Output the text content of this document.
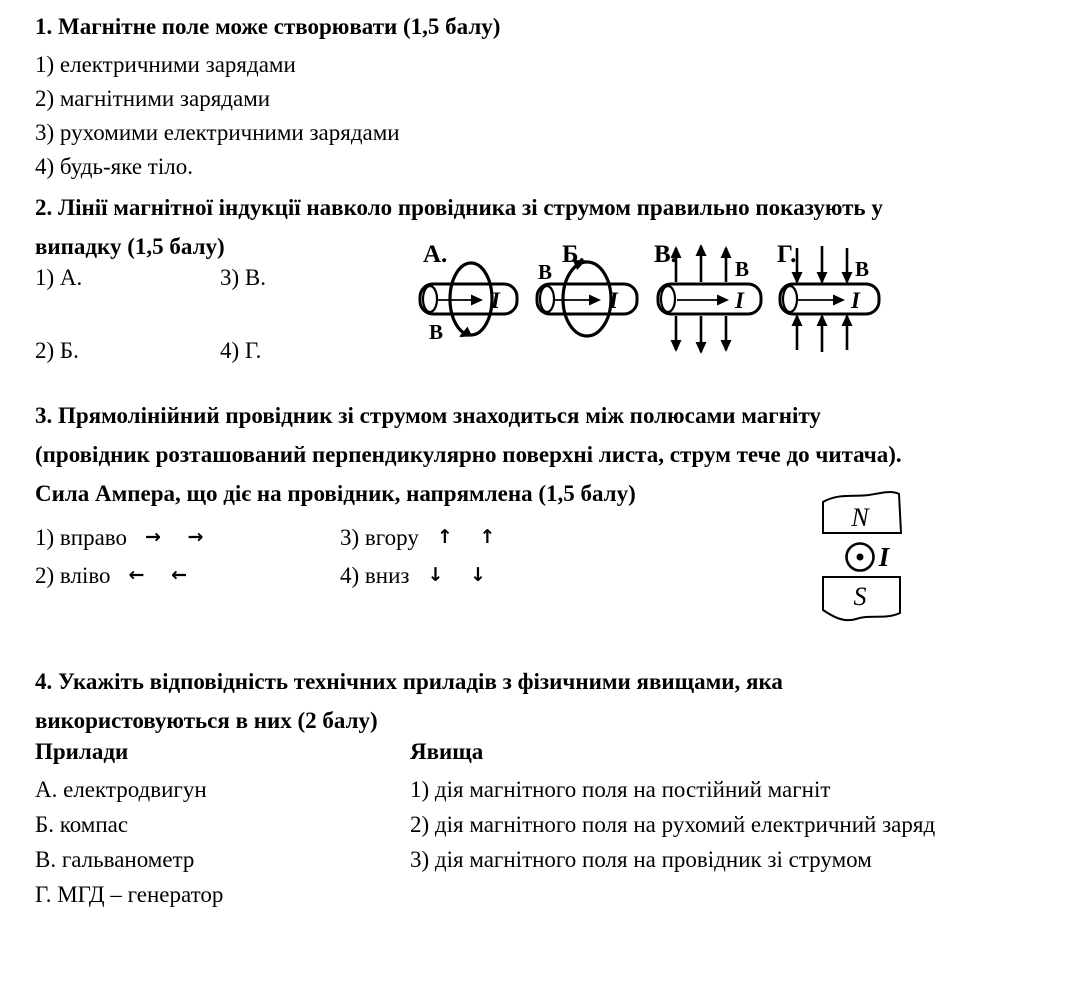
1. Магнітне поле може створювати (1,5 балу)
1) електричними зарядами
2) магнітними зарядами
3) рухомими електричними зарядами
4) будь-яке тіло.
2. Лінії магнітної індукції навколо провідника зі струмом правильно показують у
випадку (1,5 балу)
1) А.	3) В.
2) Б.	4) Г.
А.
I
В
Б.
I
В
В.
I
В
Г.
I
В
3. Прямолінійний провідник зі струмом знаходиться між полюсами магніту
(провідник розташований перпендикулярно поверхні листа, струм тече до читача).
Сила Ампера, що діє на провідник, напрямлена (1,5 балу)
1) вправо → →
2) вліво ← ←
3) вгору ↑ ↑
4) вниз ↓ ↓
N
I
S
4. Укажіть відповідність технічних приладів з фізичними явищами, яка
використовуються в них (2 балу)
Прилади	Явища
А. електродвигун	1) дія магнітного поля на постійний магніт
Б. компас	2) дія магнітного поля на рухомий електричний заряд
В. гальванометр	3) дія магнітного поля на провідник зі струмом
Г. МГД – генератор
